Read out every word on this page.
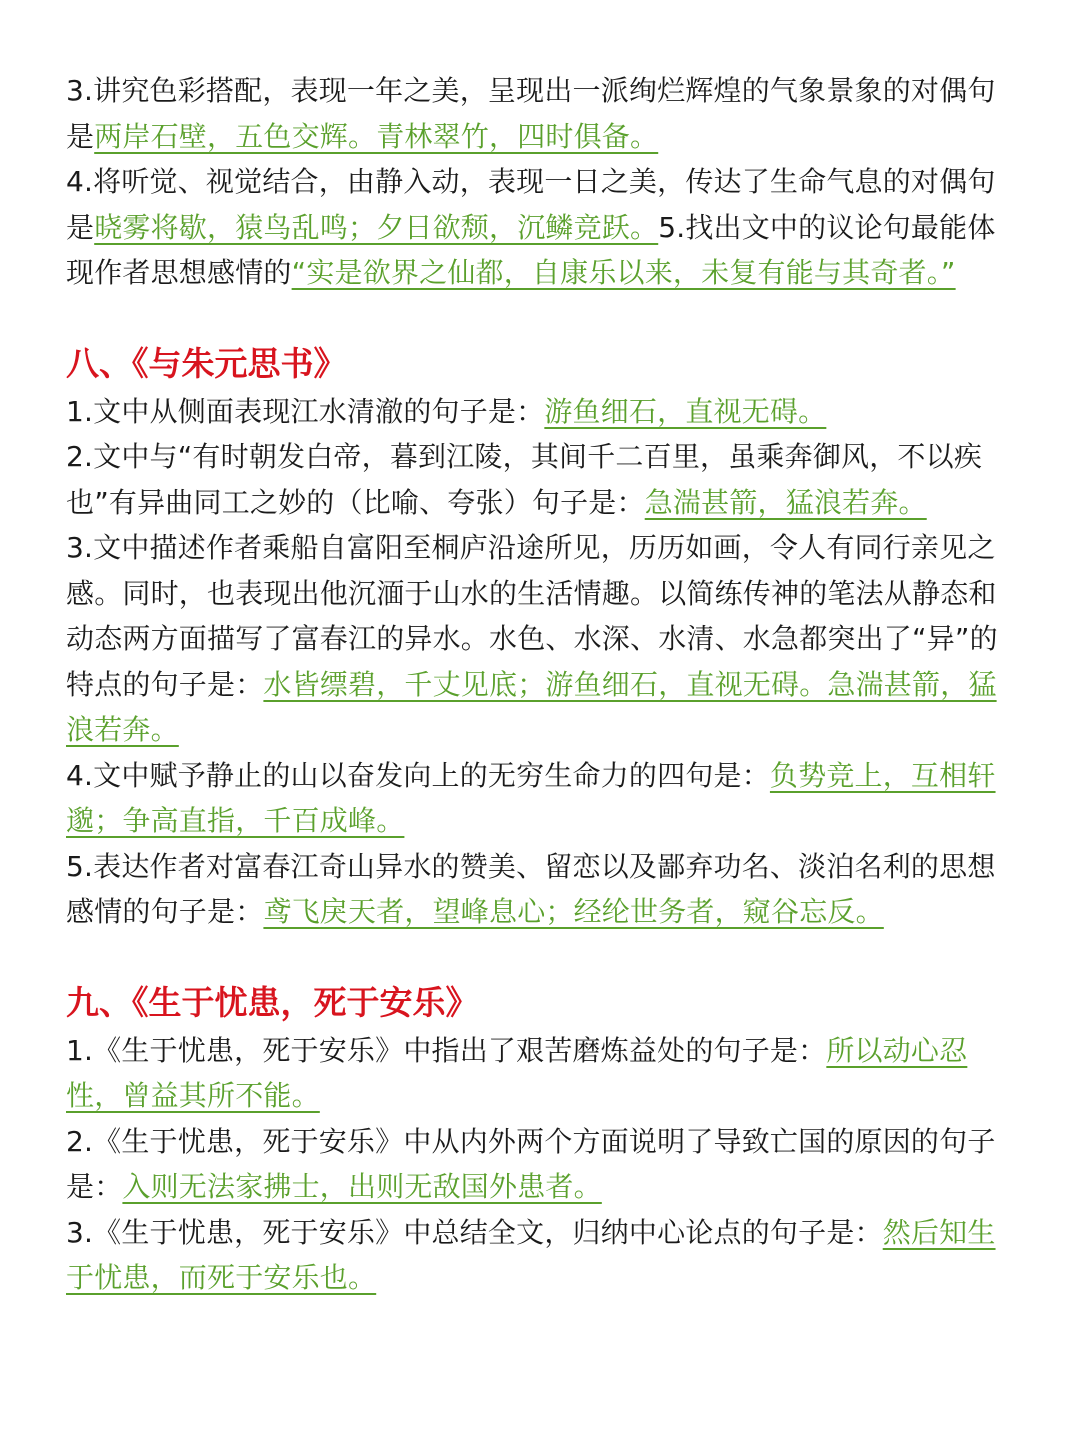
3.讲究色彩搭配，表现一年之美，呈现出一派绚烂辉煌的气象景象的对偶句是两岸石壁，五色交辉。青林翠竹，四时俱备。

4.将听觉、视觉结合，由静入动，表现一日之美，传达了生命气息的对偶句是晓雾将歇，猿鸟乱鸣；夕日欲颓，沉鳞竞跃。5.找出文中的议论句最能体现作者思想感情的“实是欲界之仙都，自康乐以来，未复有能与其奇者。”

八、《与朱元思书》

1.文中从侧面表现江水清澈的句子是：游鱼细石，直视无碍。

2.文中与“有时朝发白帝，暮到江陵，其间千二百里，虽乘奔御风，不以疾也”有异曲同工之妙的（比喻、夸张）句子是：急湍甚箭，猛浪若奔。

3.文中描述作者乘船自富阳至桐庐沿途所见，历历如画，令人有同行亲见之感。同时，也表现出他沉湎于山水的生活情趣。以简练传神的笔法从静态和动态两方面描写了富春江的异水。水色、水深、水清、水急都突出了“异”的特点的句子是：水皆缥碧，千丈见底；游鱼细石，直视无碍。急湍甚箭，猛浪若奔。

4.文中赋予静止的山以奋发向上的无穷生命力的四句是：负势竞上，互相轩邈；争高直指，千百成峰。

5.表达作者对富春江奇山异水的赞美、留恋以及鄙弃功名、淡泊名利的思想感情的句子是：鸢飞戾天者，望峰息心；经纶世务者，窥谷忘反。

九、《生于忧患，死于安乐》

1.《生于忧患，死于安乐》中指出了艰苦磨炼益处的句子是：所以动心忍性，曾益其所不能。

2.《生于忧患，死于安乐》中从内外两个方面说明了导致亡国的原因的句子是：入则无法家拂士，出则无敌国外患者。

3.《生于忧患，死于安乐》中总结全文，归纳中心论点的句子是：然后知生于忧患，而死于安乐也。
